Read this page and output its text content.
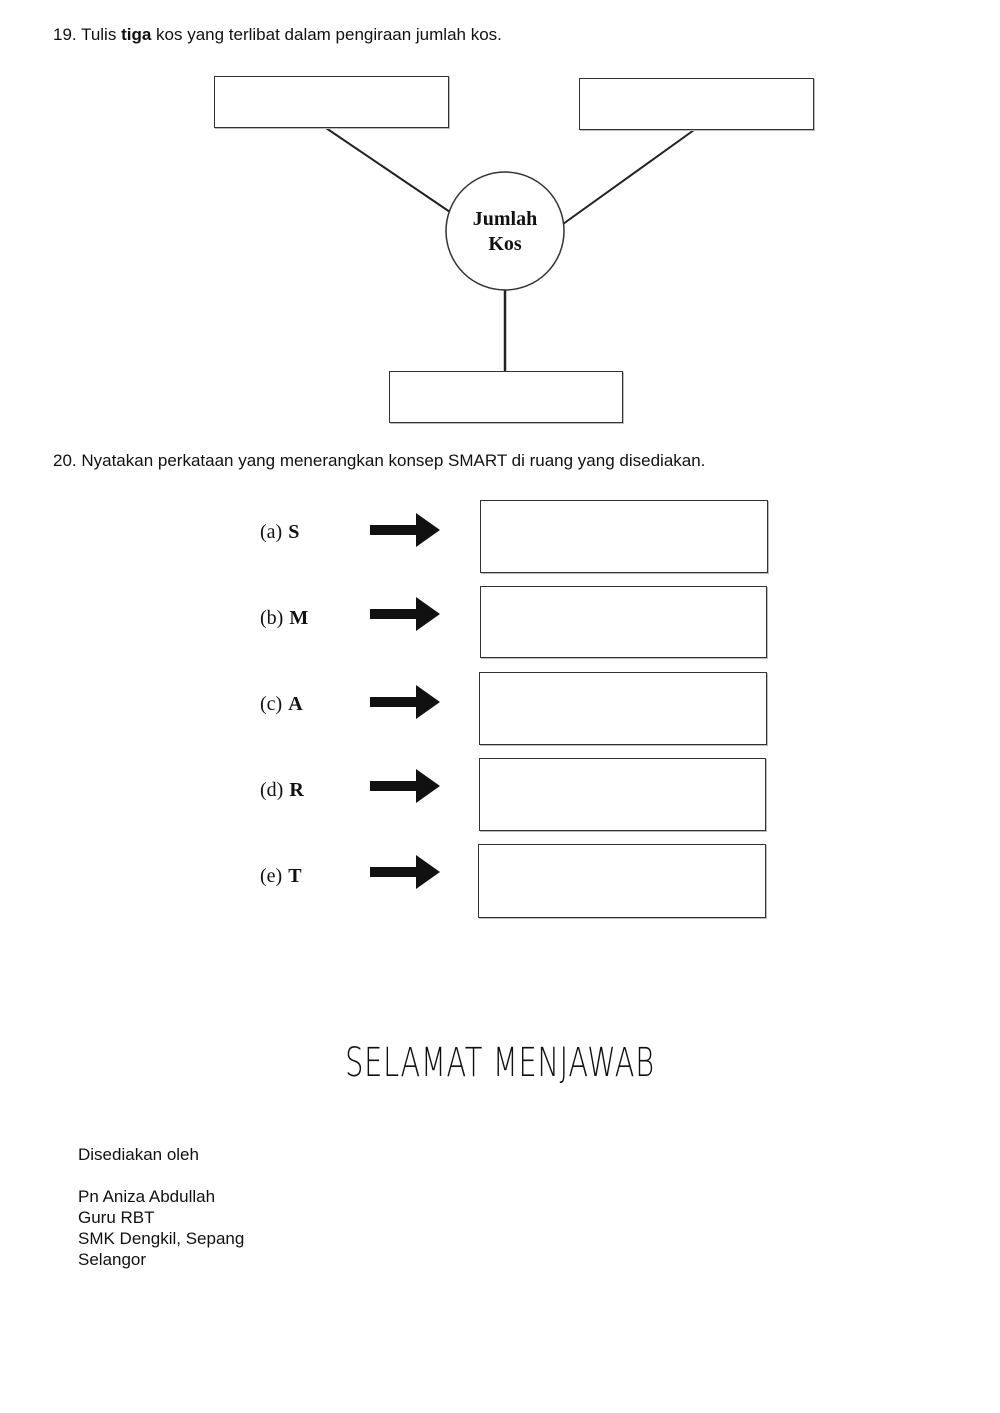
19. Tulis tiga kos yang terlibat dalam pengiraan jumlah kos.
Jumlah
Kos
20. Nyatakan perkataan yang menerangkan konsep SMART di ruang yang disediakan.
(a) S
(b) M
(c) A
(d) R
(e) T
SELAMAT MENJAWAB
Disediakan oleh
Pn Aniza Abdullah
Guru RBT
SMK Dengkil, Sepang
Selangor
